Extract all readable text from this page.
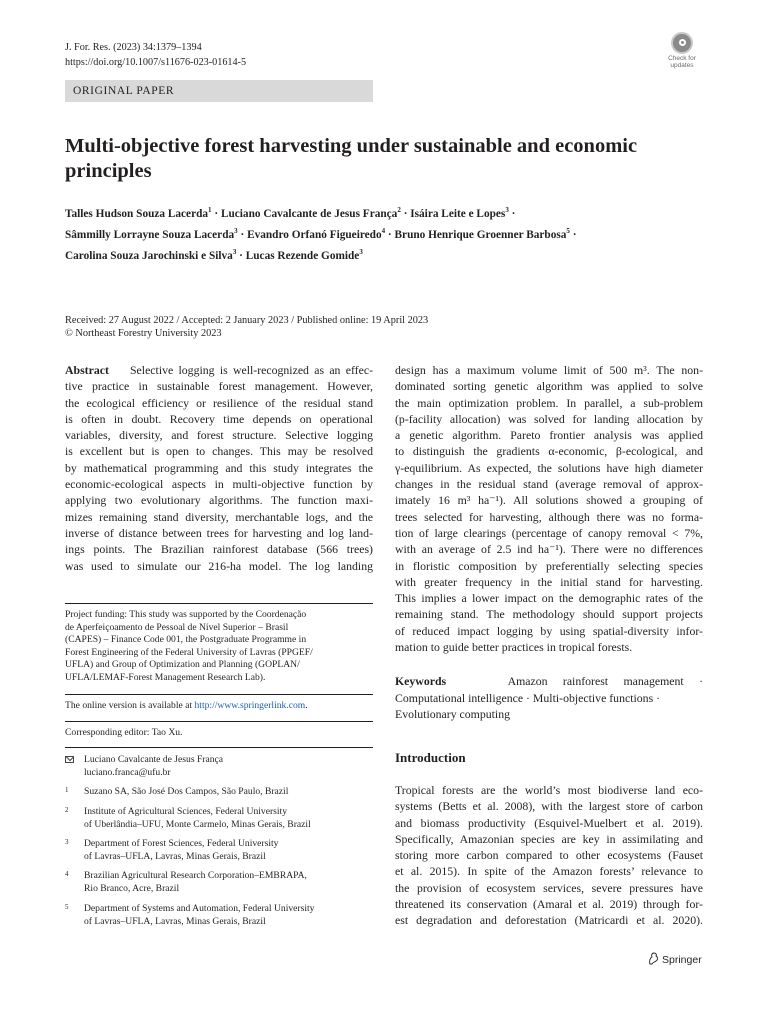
J. For. Res. (2023) 34:1379–1394
https://doi.org/10.1007/s11676-023-01614-5	Check for
updates
ORIGINAL PAPER
Multi-objective forest harvesting under sustainable and economic
principles
Talles Hudson Souza Lacerda$^1$ · Luciano Cavalcante de Jesus França$^2$ · Isáira Leite e Lopes$^3$ ·
Sâmmilly Lorrayne Souza Lacerda$^3$ · Evandro Orfanó Figueiredo$^4$ · Bruno Henrique Groenner Barbosa$^5$ ·
Carolina Souza Jarochinski e Silva$^3$ · Lucas Rezende Gomide$^3$
Received: 27 August 2022 / Accepted: 2 January 2023 / Published online: 19 April 2023
© Northeast Forestry University 2023
Abstract Selective logging is well-recognized as an effec-
tive practice in sustainable forest management. However,
the ecological efficiency or resilience of the residual stand
is often in doubt. Recovery time depends on operational
variables, diversity, and forest structure. Selective logging
is excellent but is open to changes. This may be resolved
by mathematical programming and this study integrates the
economic-ecological aspects in multi-objective function by
applying two evolutionary algorithms. The function maxi-
mizes remaining stand diversity, merchantable logs, and the
inverse of distance between trees for harvesting and log land-
ings points. The Brazilian rainforest database (566 trees)
was used to simulate our 216-ha model. The log landing
Project funding: This study was supported by the Coordenação
de Aperfeiçoamento de Pessoal de Nível Superior – Brasil
(CAPES) – Finance Code 001, the Postgraduate Programme in
Forest Engineering of the Federal University of Lavras (PPGEF/
UFLA) and Group of Optimization and Planning (GOPLAN/
UFLA/LEMAF-Forest Management Research Lab).
The online version is available at http://www.springerlink.com.
Corresponding editor: Tao Xu.
Luciano Cavalcante de Jesus França
luciano.franca@ufu.br
1 Suzano SA, São José Dos Campos, São Paulo, Brazil
2 Institute of Agricultural Sciences, Federal University
of Uberlândia–UFU, Monte Carmelo, Minas Gerais, Brazil
3 Department of Forest Sciences, Federal University
of Lavras–UFLA, Lavras, Minas Gerais, Brazil
4 Brazilian Agricultural Research Corporation–EMBRAPA,
Rio Branco, Acre, Brazil
5 Department of Systems and Automation, Federal University
of Lavras–UFLA, Lavras, Minas Gerais, Brazil
design has a maximum volume limit of 500 m³. The non-
dominated sorting genetic algorithm was applied to solve
the main optimization problem. In parallel, a sub-problem
(p-facility allocation) was solved for landing allocation by
a genetic algorithm. Pareto frontier analysis was applied
to distinguish the gradients α-economic, β-ecological, and
γ-equilibrium. As expected, the solutions have high diameter
changes in the residual stand (average removal of approx-
imately 16 m³ ha⁻¹). All solutions showed a grouping of
trees selected for harvesting, although there was no forma-
tion of large clearings (percentage of canopy removal < 7%,
with an average of 2.5 ind ha⁻¹). There were no differences
in floristic composition by preferentially selecting species
with greater frequency in the initial stand for harvesting.
This implies a lower impact on the demographic rates of the
remaining stand. The methodology should support projects
of reduced impact logging by using spatial-diversity infor-
mation to guide better practices in tropical forests.
Keywords	Amazon rainforest management ·
Computational intelligence · Multi-objective functions ·
Evolutionary computing
Introduction
Tropical forests are the world’s most biodiverse land eco-
systems (Betts et al. 2008), with the largest store of carbon
and biomass productivity (Esquivel-Muelbert et al. 2019).
Specifically, Amazonian species are key in assimilating and
storing more carbon compared to other ecosystems (Fauset
et al. 2015). In spite of the Amazon forests’ relevance to
the provision of ecosystem services, severe pressures have
threatened its conservation (Amaral et al. 2019) through for-
est degradation and deforestation (Matricardi et al. 2020).
Springer
